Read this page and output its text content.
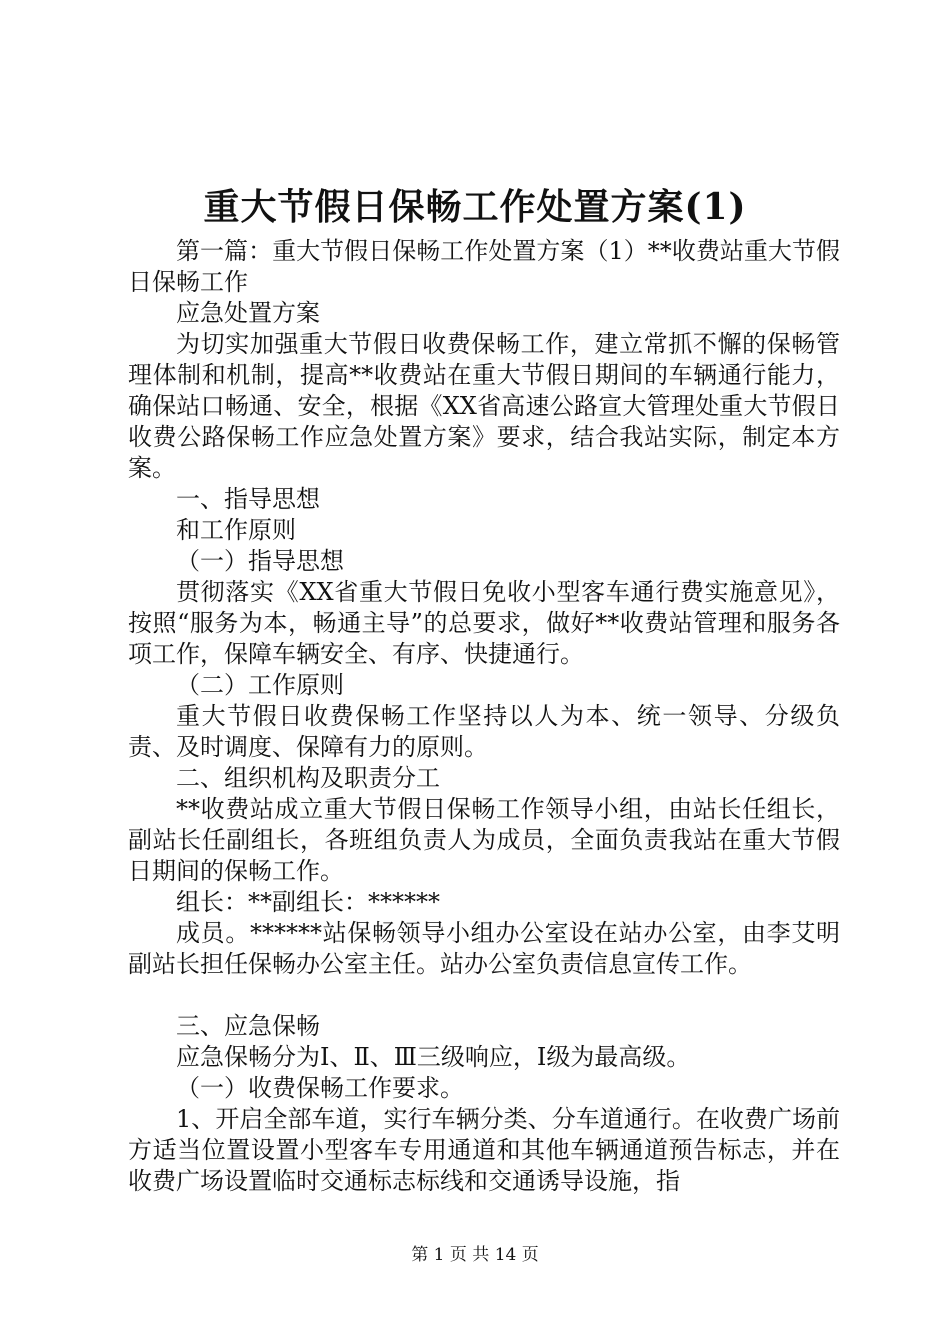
重大节假日保畅工作处置方案(1)

第一篇：重大节假日保畅工作处置方案（1）**收费站重大节假日保畅工作

应急处置方案

为切实加强重大节假日收费保畅工作，建立常抓不懈的保畅管理体制和机制，提高**收费站在重大节假日期间的车辆通行能力，确保站口畅通、安全，根据《XX省高速公路宣大管理处重大节假日收费公路保畅工作应急处置方案》要求，结合我站实际，制定本方案。

一、指导思想

和工作原则

（一）指导思想

贯彻落实《XX省重大节假日免收小型客车通行费实施意见》，按照“服务为本，畅通主导”的总要求，做好**收费站管理和服务各项工作，保障车辆安全、有序、快捷通行。

（二）工作原则

重大节假日收费保畅工作坚持以人为本、统一领导、分级负责、及时调度、保障有力的原则。

二、组织机构及职责分工

**收费站成立重大节假日保畅工作领导小组，由站长任组长，副站长任副组长，各班组负责人为成员，全面负责我站在重大节假日期间的保畅工作。

组长：**副组长：******

成员。******站保畅领导小组办公室设在站办公室，由李艾明副站长担任保畅办公室主任。站办公室负责信息宣传工作。

三、应急保畅

应急保畅分为Ⅰ、Ⅱ、Ⅲ三级响应，Ⅰ级为最高级。

（一）收费保畅工作要求。

1、开启全部车道，实行车辆分类、分车道通行。在收费广场前方适当位置设置小型客车专用通道和其他车辆通道预告标志，并在收费广场设置临时交通标志标线和交通诱导设施，指

第 1 页 共 14 页
